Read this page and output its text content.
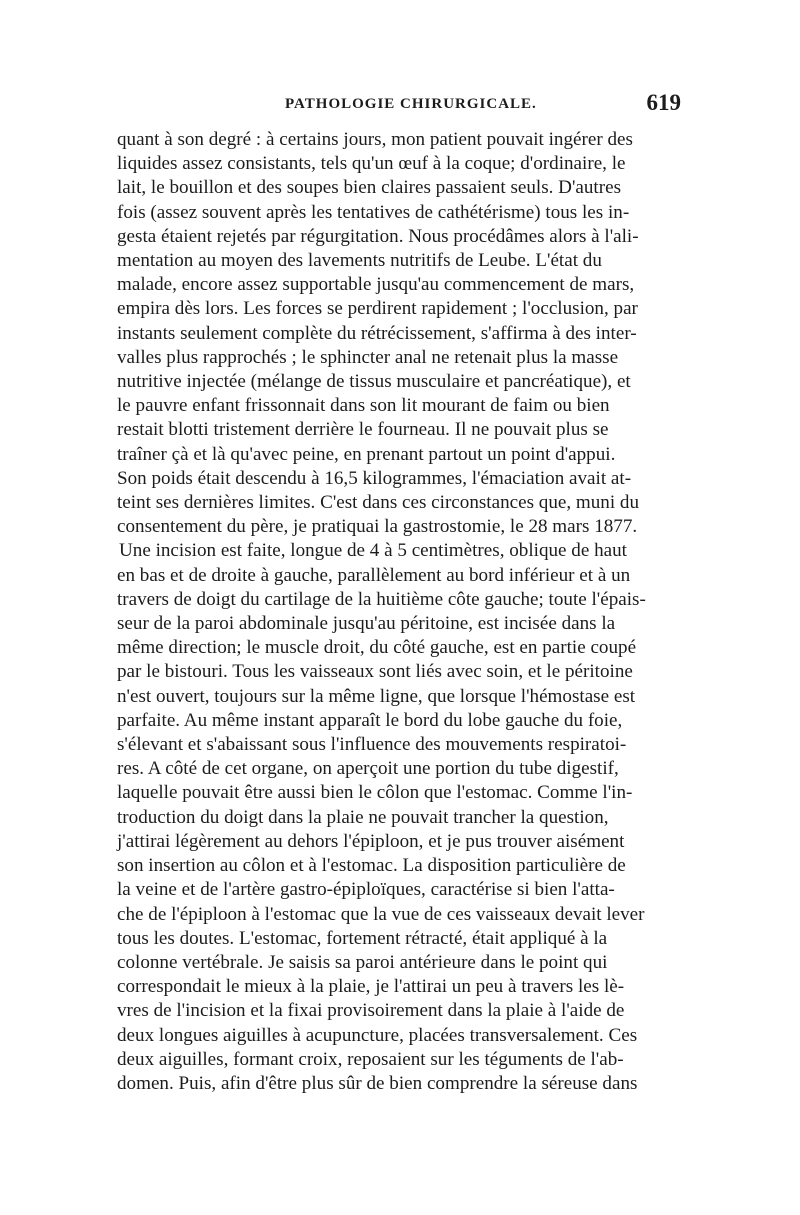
PATHOLOGIE CHIRURGICALE.	619

quant à son degré : à certains jours, mon patient pouvait ingérer des
liquides assez consistants, tels qu'un œuf à la coque; d'ordinaire, le
lait, le bouillon et des soupes bien claires passaient seuls. D'autres
fois (assez souvent après les tentatives de cathétérisme) tous les in-
gesta étaient rejetés par régurgitation. Nous procédâmes alors à l'ali-
mentation au moyen des lavements nutritifs de Leube. L'état du
malade, encore assez supportable jusqu'au commencement de mars,
empira dès lors. Les forces se perdirent rapidement ; l'occlusion, par
instants seulement complète du rétrécissement, s'affirma à des inter-
valles plus rapprochés ; le sphincter anal ne retenait plus la masse
nutritive injectée (mélange de tissus musculaire et pancréatique), et
le pauvre enfant frissonnait dans son lit mourant de faim ou bien
restait blotti tristement derrière le fourneau. Il ne pouvait plus se
traîner çà et là qu'avec peine, en prenant partout un point d'appui.
Son poids était descendu à 16,5 kilogrammes, l'émaciation avait at-
teint ses dernières limites. C'est dans ces circonstances que, muni du
consentement du père, je pratiquai la gastrostomie, le 28 mars 1877.

Une incision est faite, longue de 4 à 5 centimètres, oblique de haut
en bas et de droite à gauche, parallèlement au bord inférieur et à un
travers de doigt du cartilage de la huitième côte gauche; toute l'épais-
seur de la paroi abdominale jusqu'au péritoine, est incisée dans la
même direction; le muscle droit, du côté gauche, est en partie coupé
par le bistouri. Tous les vaisseaux sont liés avec soin, et le péritoine
n'est ouvert, toujours sur la même ligne, que lorsque l'hémostase est
parfaite. Au même instant apparaît le bord du lobe gauche du foie,
s'élevant et s'abaissant sous l'influence des mouvements respiratoi-
res. A côté de cet organe, on aperçoit une portion du tube digestif,
laquelle pouvait être aussi bien le côlon que l'estomac. Comme l'in-
troduction du doigt dans la plaie ne pouvait trancher la question,
j'attirai légèrement au dehors l'épiploon, et je pus trouver aisément
son insertion au côlon et à l'estomac. La disposition particulière de
la veine et de l'artère gastro-épiploïques, caractérise si bien l'atta-
che de l'épiploon à l'estomac que la vue de ces vaisseaux devait lever
tous les doutes. L'estomac, fortement rétracté, était appliqué à la
colonne vertébrale. Je saisis sa paroi antérieure dans le point qui
correspondait le mieux à la plaie, je l'attirai un peu à travers les lè-
vres de l'incision et la fixai provisoirement dans la plaie à l'aide de
deux longues aiguilles à acupuncture, placées transversalement. Ces
deux aiguilles, formant croix, reposaient sur les téguments de l'ab-
domen. Puis, afin d'être plus sûr de bien comprendre la séreuse dans
